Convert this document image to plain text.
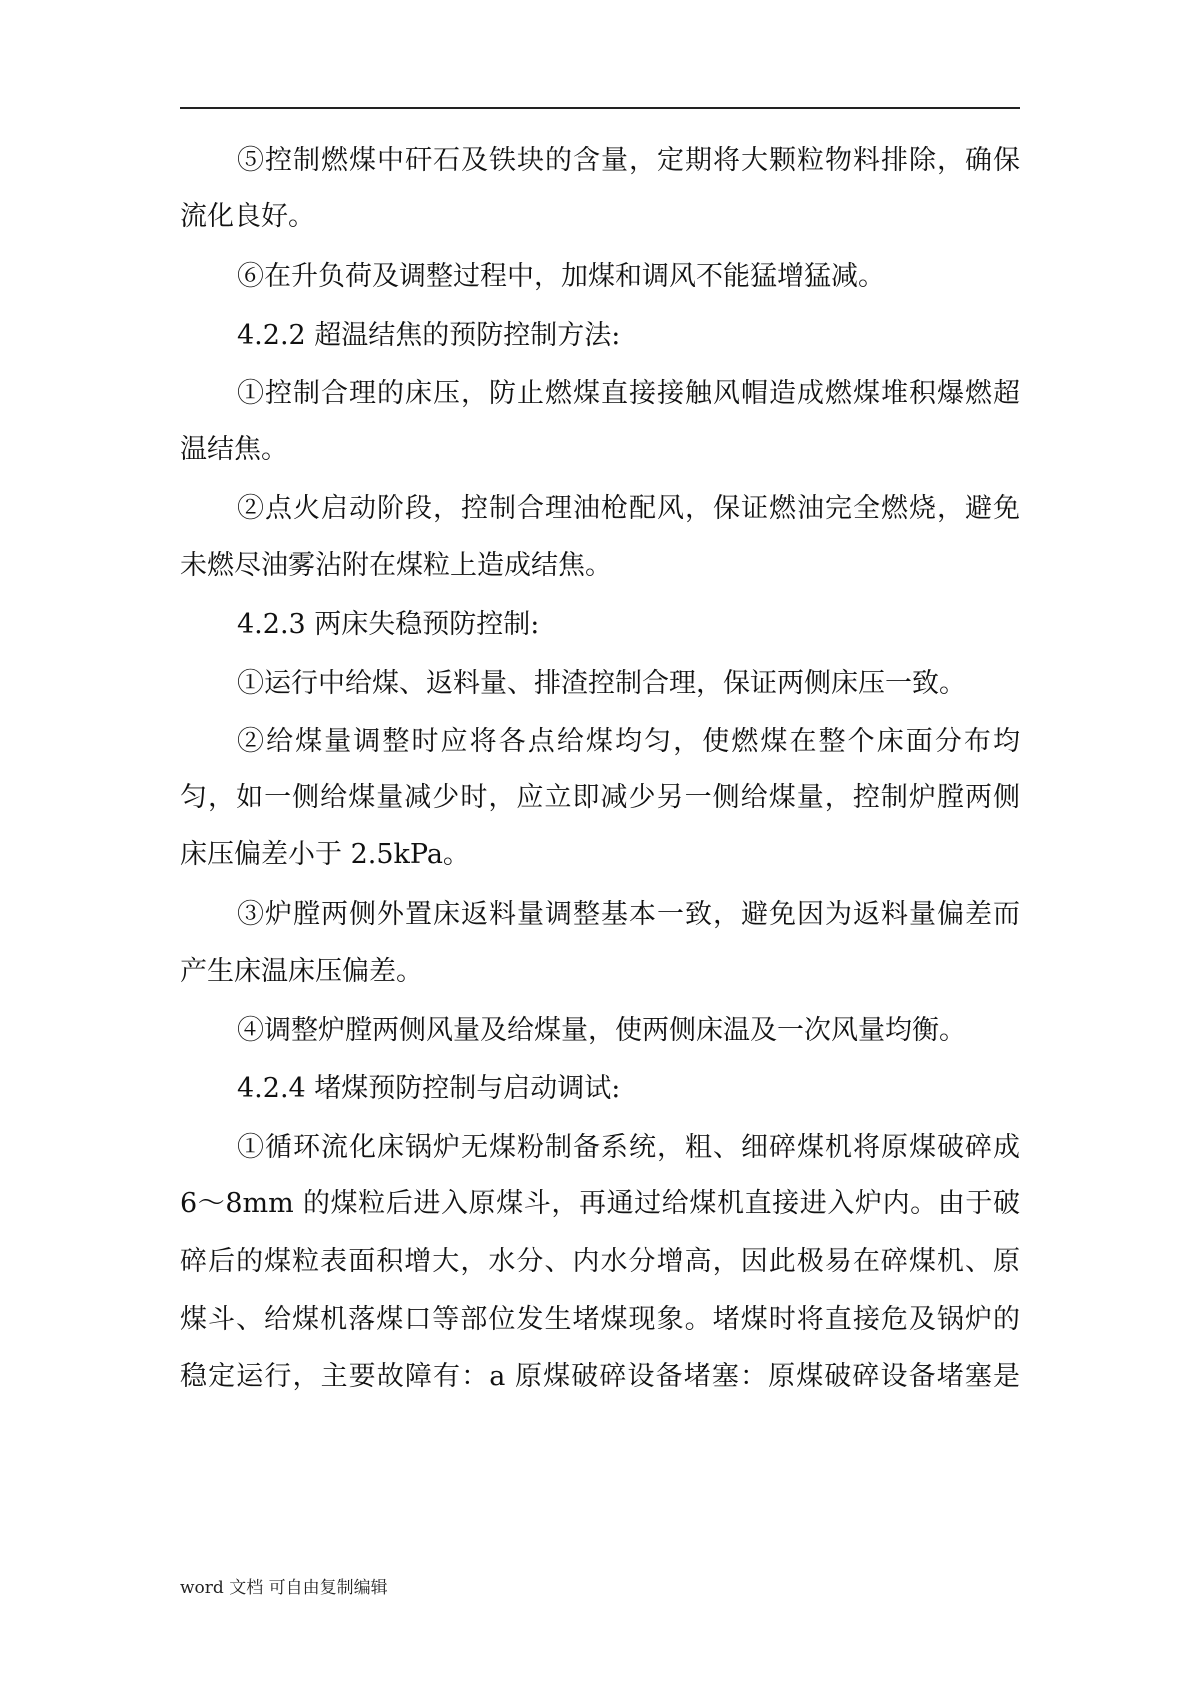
⑤控制燃煤中矸石及铁块的含量，定期将大颗粒物料排除，确保
流化良好。
⑥在升负荷及调整过程中，加煤和调风不能猛增猛减。
4.2.2 超温结焦的预防控制方法:
①控制合理的床压，防止燃煤直接接触风帽造成燃煤堆积爆燃超
温结焦。
②点火启动阶段，控制合理油枪配风，保证燃油完全燃烧，避免
未燃尽油雾沾附在煤粒上造成结焦。
4.2.3 两床失稳预防控制:
①运行中给煤、返料量、排渣控制合理，保证两侧床压一致。
②给煤量调整时应将各点给煤均匀，使燃煤在整个床面分布均
匀，如一侧给煤量减少时，应立即减少另一侧给煤量，控制炉膛两侧
床压偏差小于 2.5kPa。
③炉膛两侧外置床返料量调整基本一致，避免因为返料量偏差而
产生床温床压偏差。
④调整炉膛两侧风量及给煤量，使两侧床温及一次风量均衡。
4.2.4 堵煤预防控制与启动调试:
①循环流化床锅炉无煤粉制备系统，粗、细碎煤机将原煤破碎成
6～8mm 的煤粒后进入原煤斗，再通过给煤机直接进入炉内。由于破
碎后的煤粒表面积增大，水分、内水分增高，因此极易在碎煤机、原
煤斗、给煤机落煤口等部位发生堵煤现象。堵煤时将直接危及锅炉的
稳定运行，主要故障有：a 原煤破碎设备堵塞：原煤破碎设备堵塞是
word 文档 可自由复制编辑
